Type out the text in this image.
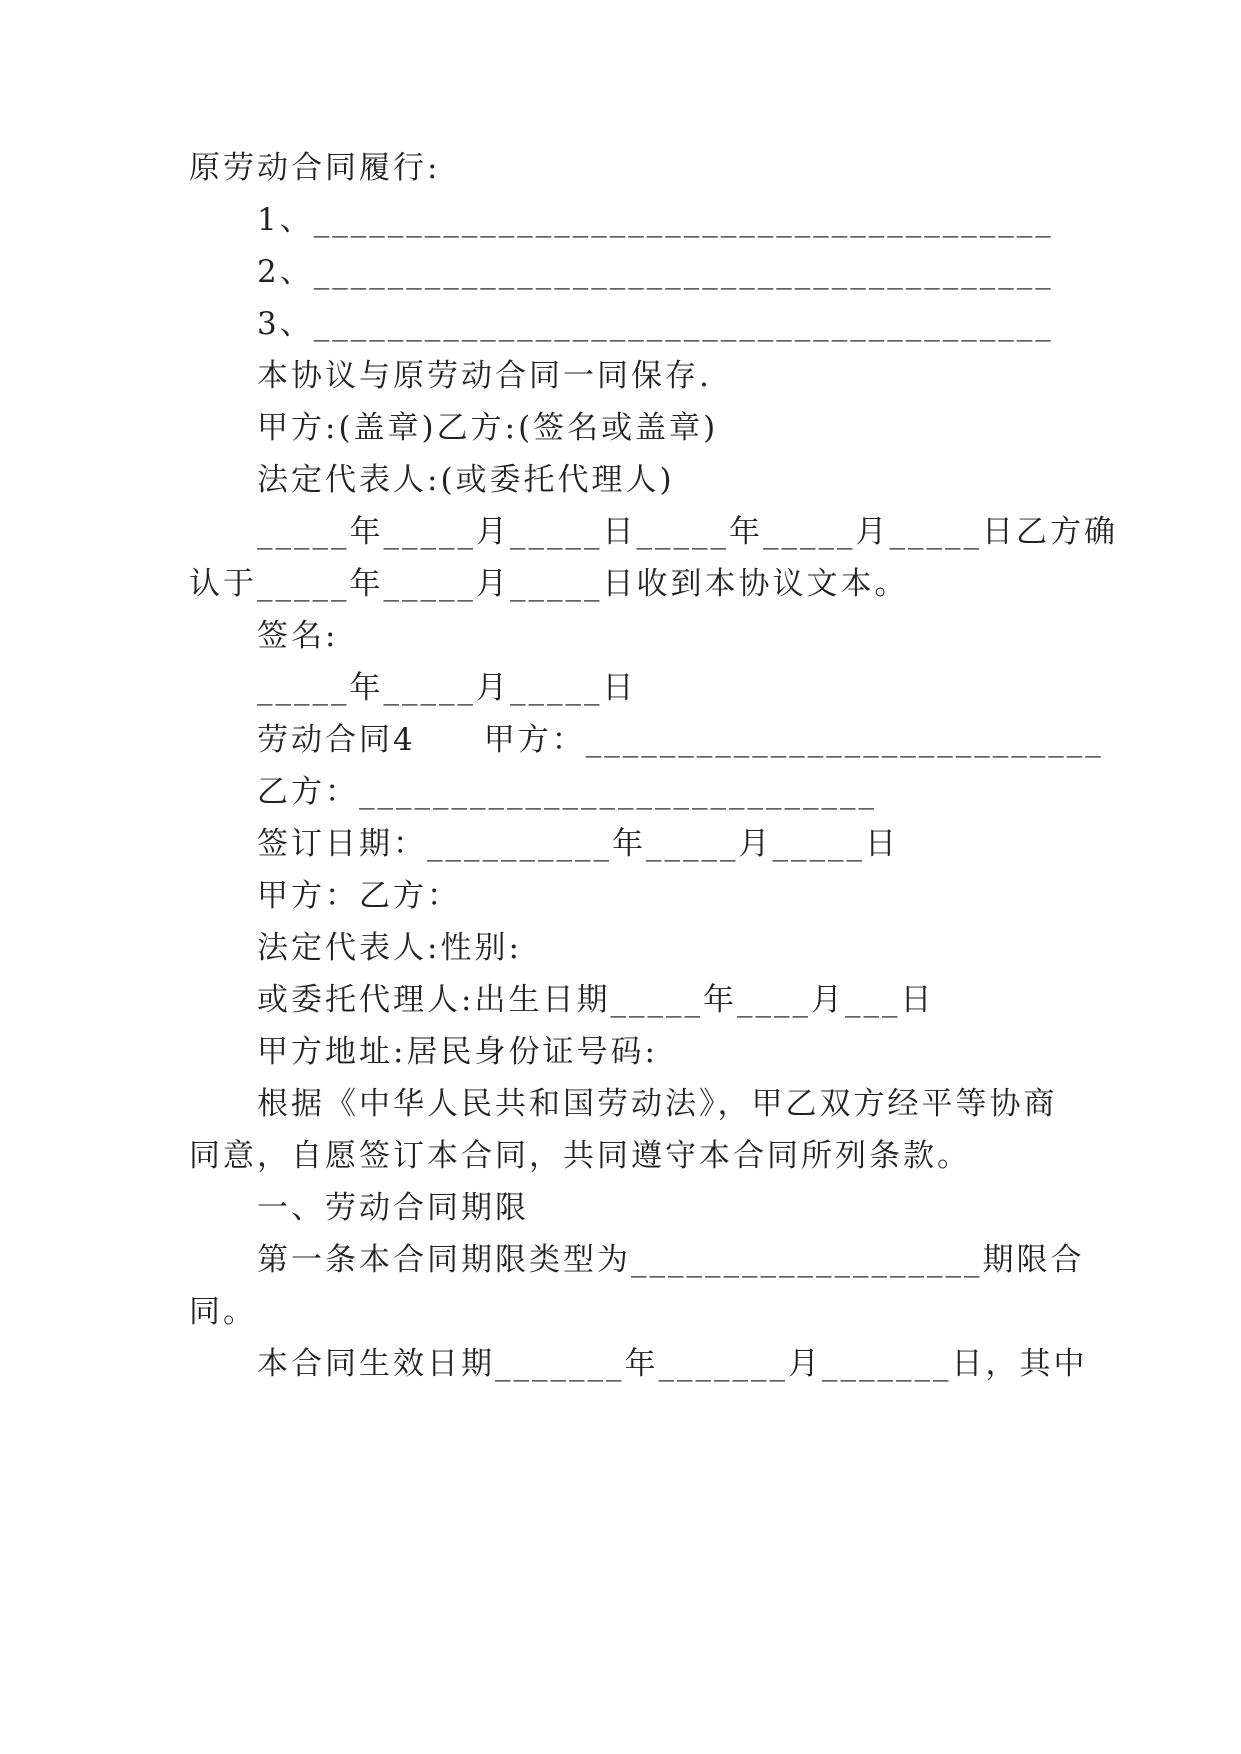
原劳动合同履行:
1、________________________________________
2、________________________________________
3、________________________________________
本协议与原劳动合同一同保存.
甲方:(盖章)乙方:(签名或盖章)
法定代表人:(或委托代理人)
_____年_____月_____日_____年_____月_____日乙方确
认于_____年_____月_____日收到本协议文本。
签名:
_____年_____月_____日
劳动合同4　　甲方：____________________________
乙方：____________________________
签订日期：__________年_____月_____日
甲方：乙方：
法定代表人:性别:
或委托代理人:出生日期_____年____月___日
甲方地址:居民身份证号码:
根据《中华人民共和国劳动法》，甲乙双方经平等协商
同意，自愿签订本合同，共同遵守本合同所列条款。
一、劳动合同期限
第一条本合同期限类型为___________________期限合
同。
本合同生效日期_______年_______月_______日，其中
